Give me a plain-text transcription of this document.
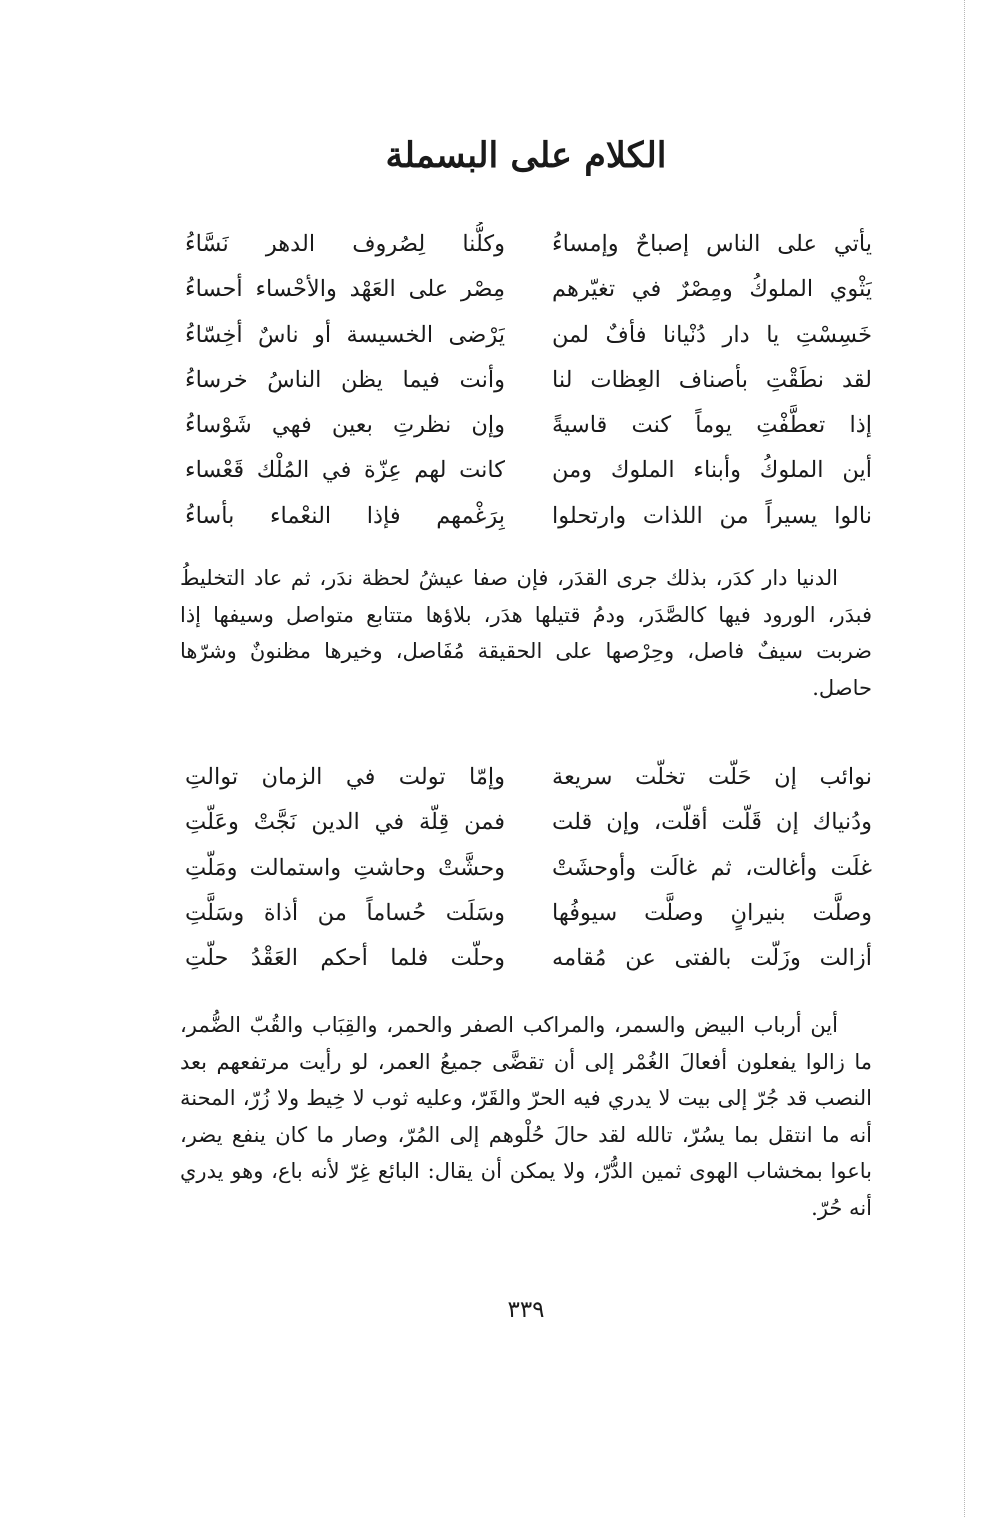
الكلام على البسملة
يأتي على الناس إصباحٌ وإمساءُ
وكلُّنا لِصُروف الدهر نَسَّاءُ
يَثْوي الملوكُ ومِصْرٌ في تغيّرهم
مِصْر على العَهْد والأحْساء أحساءُ
خَسِسْتِ يا دار دُنْيانا فأفٌ لمن
يَرْضى الخسيسة أو ناسٌ أخِسّاءُ
لقد نطَقْتِ بأصناف العِظات لنا
وأنت فيما يظن الناسُ خرساءُ
إذا تعطَّفْتِ يوماً كنت قاسيةً
وإن نظرتِ بعين فهي شَوْساءُ
أين الملوكُ وأبناء الملوك ومن
كانت لهم عِزّة في المُلْك قَعْساء
نالوا يسيراً من اللذات وارتحلوا
بِرَغْمهم فإذا النعْماء بأساءُ

الدنيا دار كدَر، بذلك جرى القدَر، فإن صفا عيشُ لحظة ندَر، ثم عاد التخليطُ فبدَر، الورود فيها كالصَّدَر، ودمُ قتيلها هدَر، بلاؤها متتابع متواصل وسيفها إذا ضربت سيفٌ فاصل، وحِرْصها على الحقيقة مُفَاصل، وخيرها مظنونٌ وشرّها حاصل.

نوائب إن حَلّت تخلّت سريعة
وإمّا تولت في الزمان توالتِ
ودُنياك إن قَلّت أقلّت، وإن قلت
فمن قِلّة في الدين نَجَّتْ وعَلّتِ
غلَت وأغالت، ثم غالَت وأوحشَتْ
وحشَّتْ وحاشتِ واستمالت ومَلّتِ
وصلَّت بنيرانٍ وصلَّت سيوفُها
وسَلَت حُساماً من أذاة وسَلَّتِ
أزالت وزَلّت بالفتى عن مُقامه
وحلّت فلما أحكم العَقْدُ حلّتِ

أين أرباب البيض والسمر، والمراكب الصفر والحمر، والقِبَاب والقُبّ الضُّمر، ما زالوا يفعلون أفعالَ الغُمْر إلى أن تقضَّى جميعُ العمر، لو رأيت مرتفعهم بعد النصب قد جُرّ إلى بيت لا يدري فيه الحرّ والقَرّ، وعليه ثوب لا خِيط ولا زُرّ، المحنة أنه ما انتقل بما يسُرّ، تالله لقد حالَ حُلْوهم إلى المُرّ، وصار ما كان ينفع يضر، باعوا بمخشاب الهوى ثمين الدُّرّ، ولا يمكن أن يقال: البائع غِرّ لأنه باع، وهو يدري أنه حُرّ.

٣٣٩
